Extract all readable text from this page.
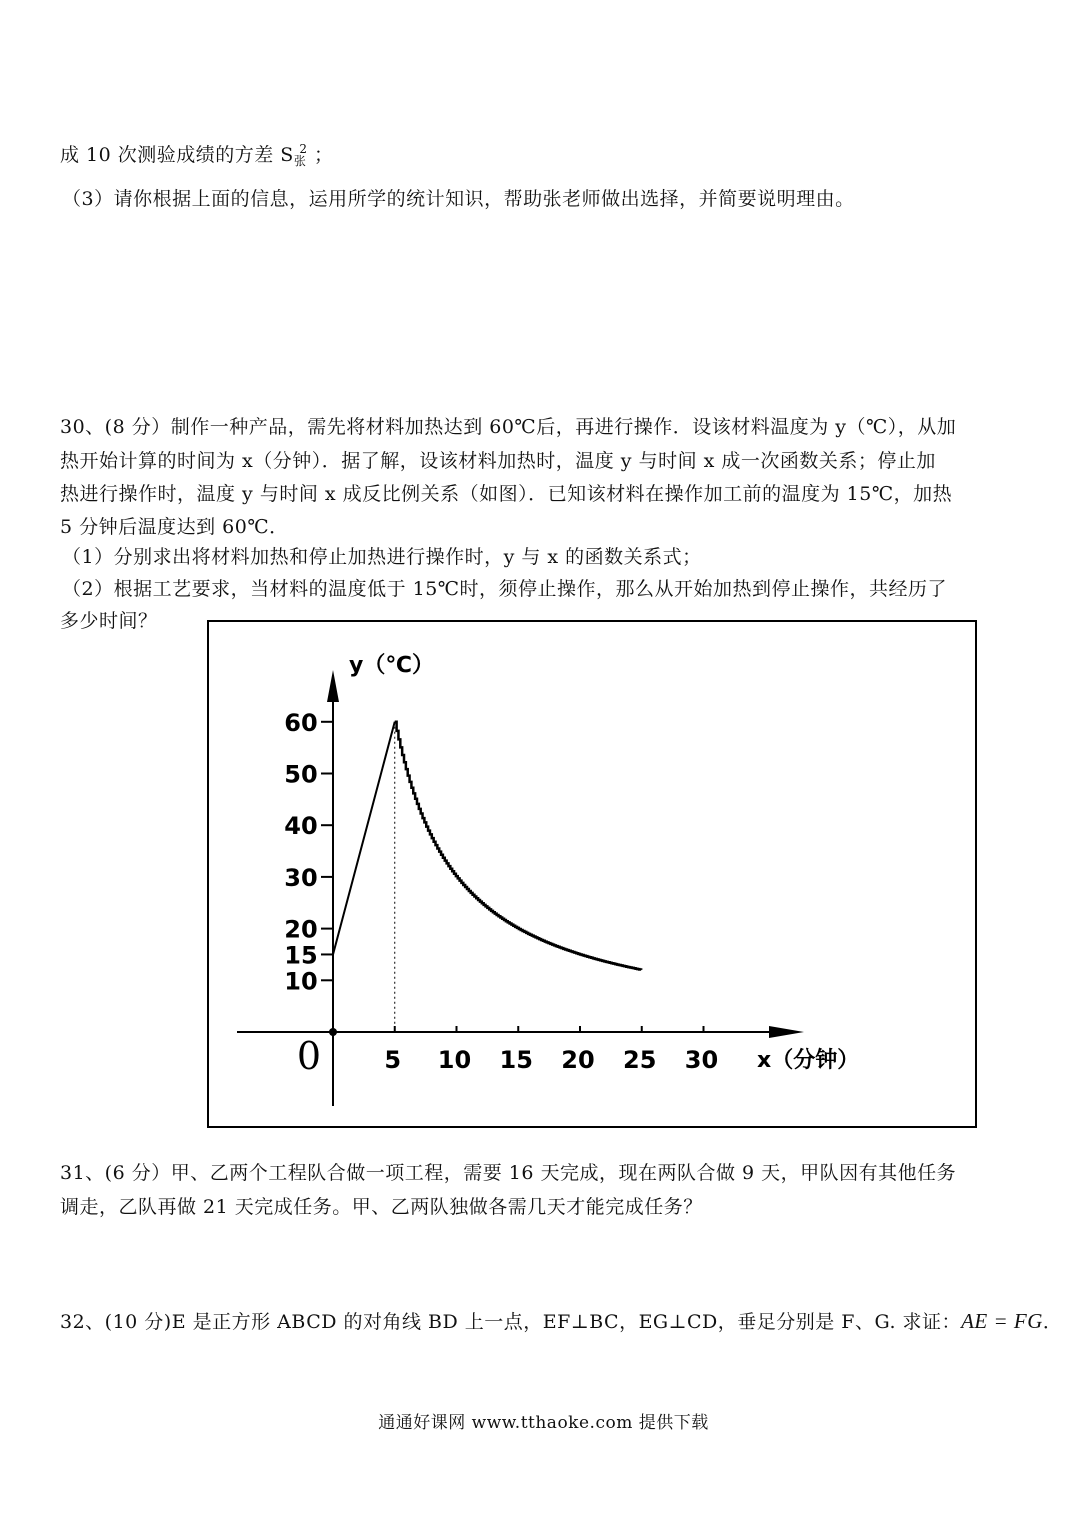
成 10 次测验成绩的方差 $S_张^2$ ；
（3）请你根据上面的信息，运用所学的统计知识，帮助张老师做出选择，并简要说明理由。
30、(8 分）制作一种产品，需先将材料加热达到 60℃后，再进行操作．设该材料温度为 y（℃），从加
热开始计算的时间为 x（分钟）．据了解，设该材料加热时，温度 y 与时间 x 成一次函数关系；停止加
热进行操作时，温度 y 与时间 x 成反比例关系（如图）．已知该材料在操作加工前的温度为 15℃，加热
5 分钟后温度达到 60℃．
（1）分别求出将材料加热和停止加热进行操作时，y 与 x 的函数关系式；
（2）根据工艺要求，当材料的温度低于 15℃时，须停止操作，那么从开始加热到停止操作，共经历了
多少时间？
y（℃）
x（分钟）
0	5 10 15 20 25 30
10
15
20
30
40
50
60
31、(6 分）甲、乙两个工程队合做一项工程，需要 16 天完成，现在两队合做 9 天，甲队因有其他任务
调走，乙队再做 21 天完成任务。甲、乙两队独做各需几天才能完成任务？
32、(10 分)E 是正方形 ABCD 的对角线 BD 上一点，EF⊥BC，EG⊥CD，垂足分别是 F、G. 求证：AE = FG．
通通好课网 www.tthaoke.com 提供下载
